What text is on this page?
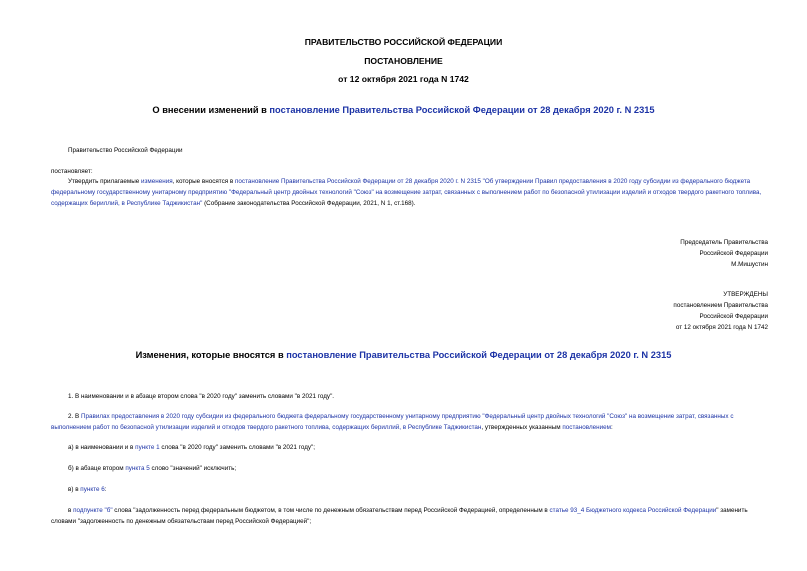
ПРАВИТЕЛЬСТВО РОССИЙСКОЙ ФЕДЕРАЦИИ
ПОСТАНОВЛЕНИЕ
от 12 октября 2021 года N 1742
О внесении изменений в постановление Правительства Российской Федерации от 28 декабря 2020 г. N 2315
Правительство Российской Федерации
постановляет:
Утвердить прилагаемые изменения, которые вносятся в постановление Правительства Российской Федерации от 28 декабря 2020 г. N 2315 "Об утверждении Правил предоставления в 2020 году субсидии из федерального бюджета федеральному государственному унитарному предприятию "Федеральный центр двойных технологий "Союз" на возмещение затрат, связанных с выполнением работ по безопасной утилизации изделий и отходов твердого ракетного топлива, содержащих бериллий, в Республике Таджикистан" (Собрание законодательства Российской Федерации, 2021, N 1, ст.168).
Председатель Правительства
Российской Федерации
М.Мишустин
УТВЕРЖДЕНЫ
постановлением Правительства
Российской Федерации
от 12 октября 2021 года N 1742
Изменения, которые вносятся в постановление Правительства Российской Федерации от 28 декабря 2020 г. N 2315
1. В наименовании и в абзаце втором слова "в 2020 году" заменить словами "в 2021 году".
2. В Правилах предоставления в 2020 году субсидии из федерального бюджета федеральному государственному унитарному предприятию "Федеральный центр двойных технологий "Союз" на возмещение затрат, связанных с выполнением работ по безопасной утилизации изделий и отходов твердого ракетного топлива, содержащих бериллий, в Республике Таджикистан, утвержденных указанным постановлением:
а) в наименовании и в пункте 1 слова "в 2020 году" заменить словами "в 2021 году";
б) в абзаце втором пункта 5 слово "значений" исключить;
в) в пункте 6:
в подпункте "б" слова "задолженность перед федеральным бюджетом, в том числе по денежным обязательствам перед Российской Федерацией, определенным в статье 93_4 Бюджетного кодекса Российской Федерации" заменить словами "задолженность по денежным обязательствам перед Российской Федерацией";
